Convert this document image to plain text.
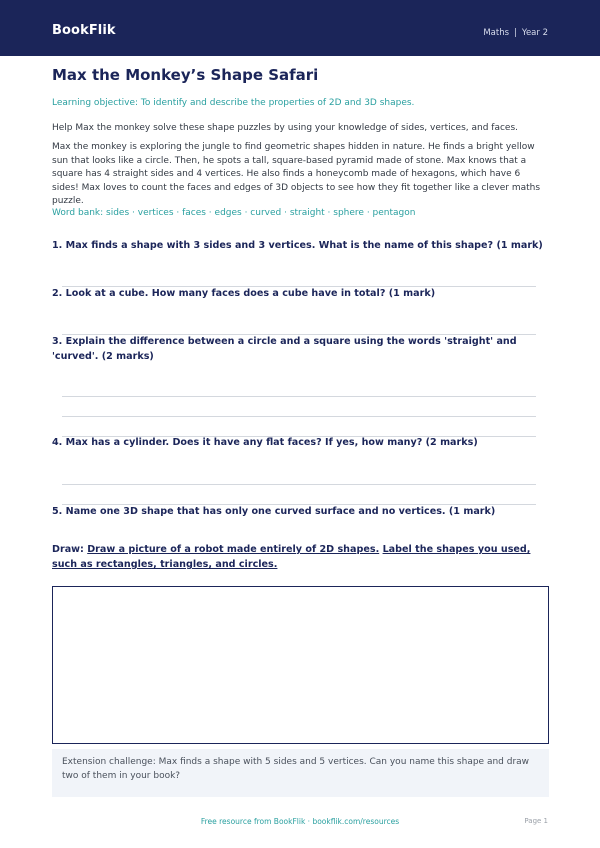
BookFlik	Maths | Year 2
Max the Monkey’s Shape Safari
Learning objective: To identify and describe the properties of 2D and 3D shapes.
Help Max the monkey solve these shape puzzles by using your knowledge of sides, vertices, and faces.
Max the monkey is exploring the jungle to find geometric shapes hidden in nature. He finds a bright yellow sun that looks like a circle. Then, he spots a tall, square-based pyramid made of stone. Max knows that a square has 4 straight sides and 4 vertices. He also finds a honeycomb made of hexagons, which have 6 sides! Max loves to count the faces and edges of 3D objects to see how they fit together like a clever maths puzzle.
Word bank: sides · vertices · faces · edges · curved · straight · sphere · pentagon
1. Max finds a shape with 3 sides and 3 vertices. What is the name of this shape? (1 mark)
2. Look at a cube. How many faces does a cube have in total? (1 mark)
3. Explain the difference between a circle and a square using the words 'straight' and 'curved'. (2 marks)
4. Max has a cylinder. Does it have any flat faces? If yes, how many? (2 marks)
5. Name one 3D shape that has only one curved surface and no vertices. (1 mark)
Draw: Draw a picture of a robot made entirely of 2D shapes. Label the shapes you used, such as rectangles, triangles, and circles.
Extension challenge: Max finds a shape with 5 sides and 5 vertices. Can you name this shape and draw two of them in your book?
Free resource from BookFlik · bookflik.com/resources	Page 1
